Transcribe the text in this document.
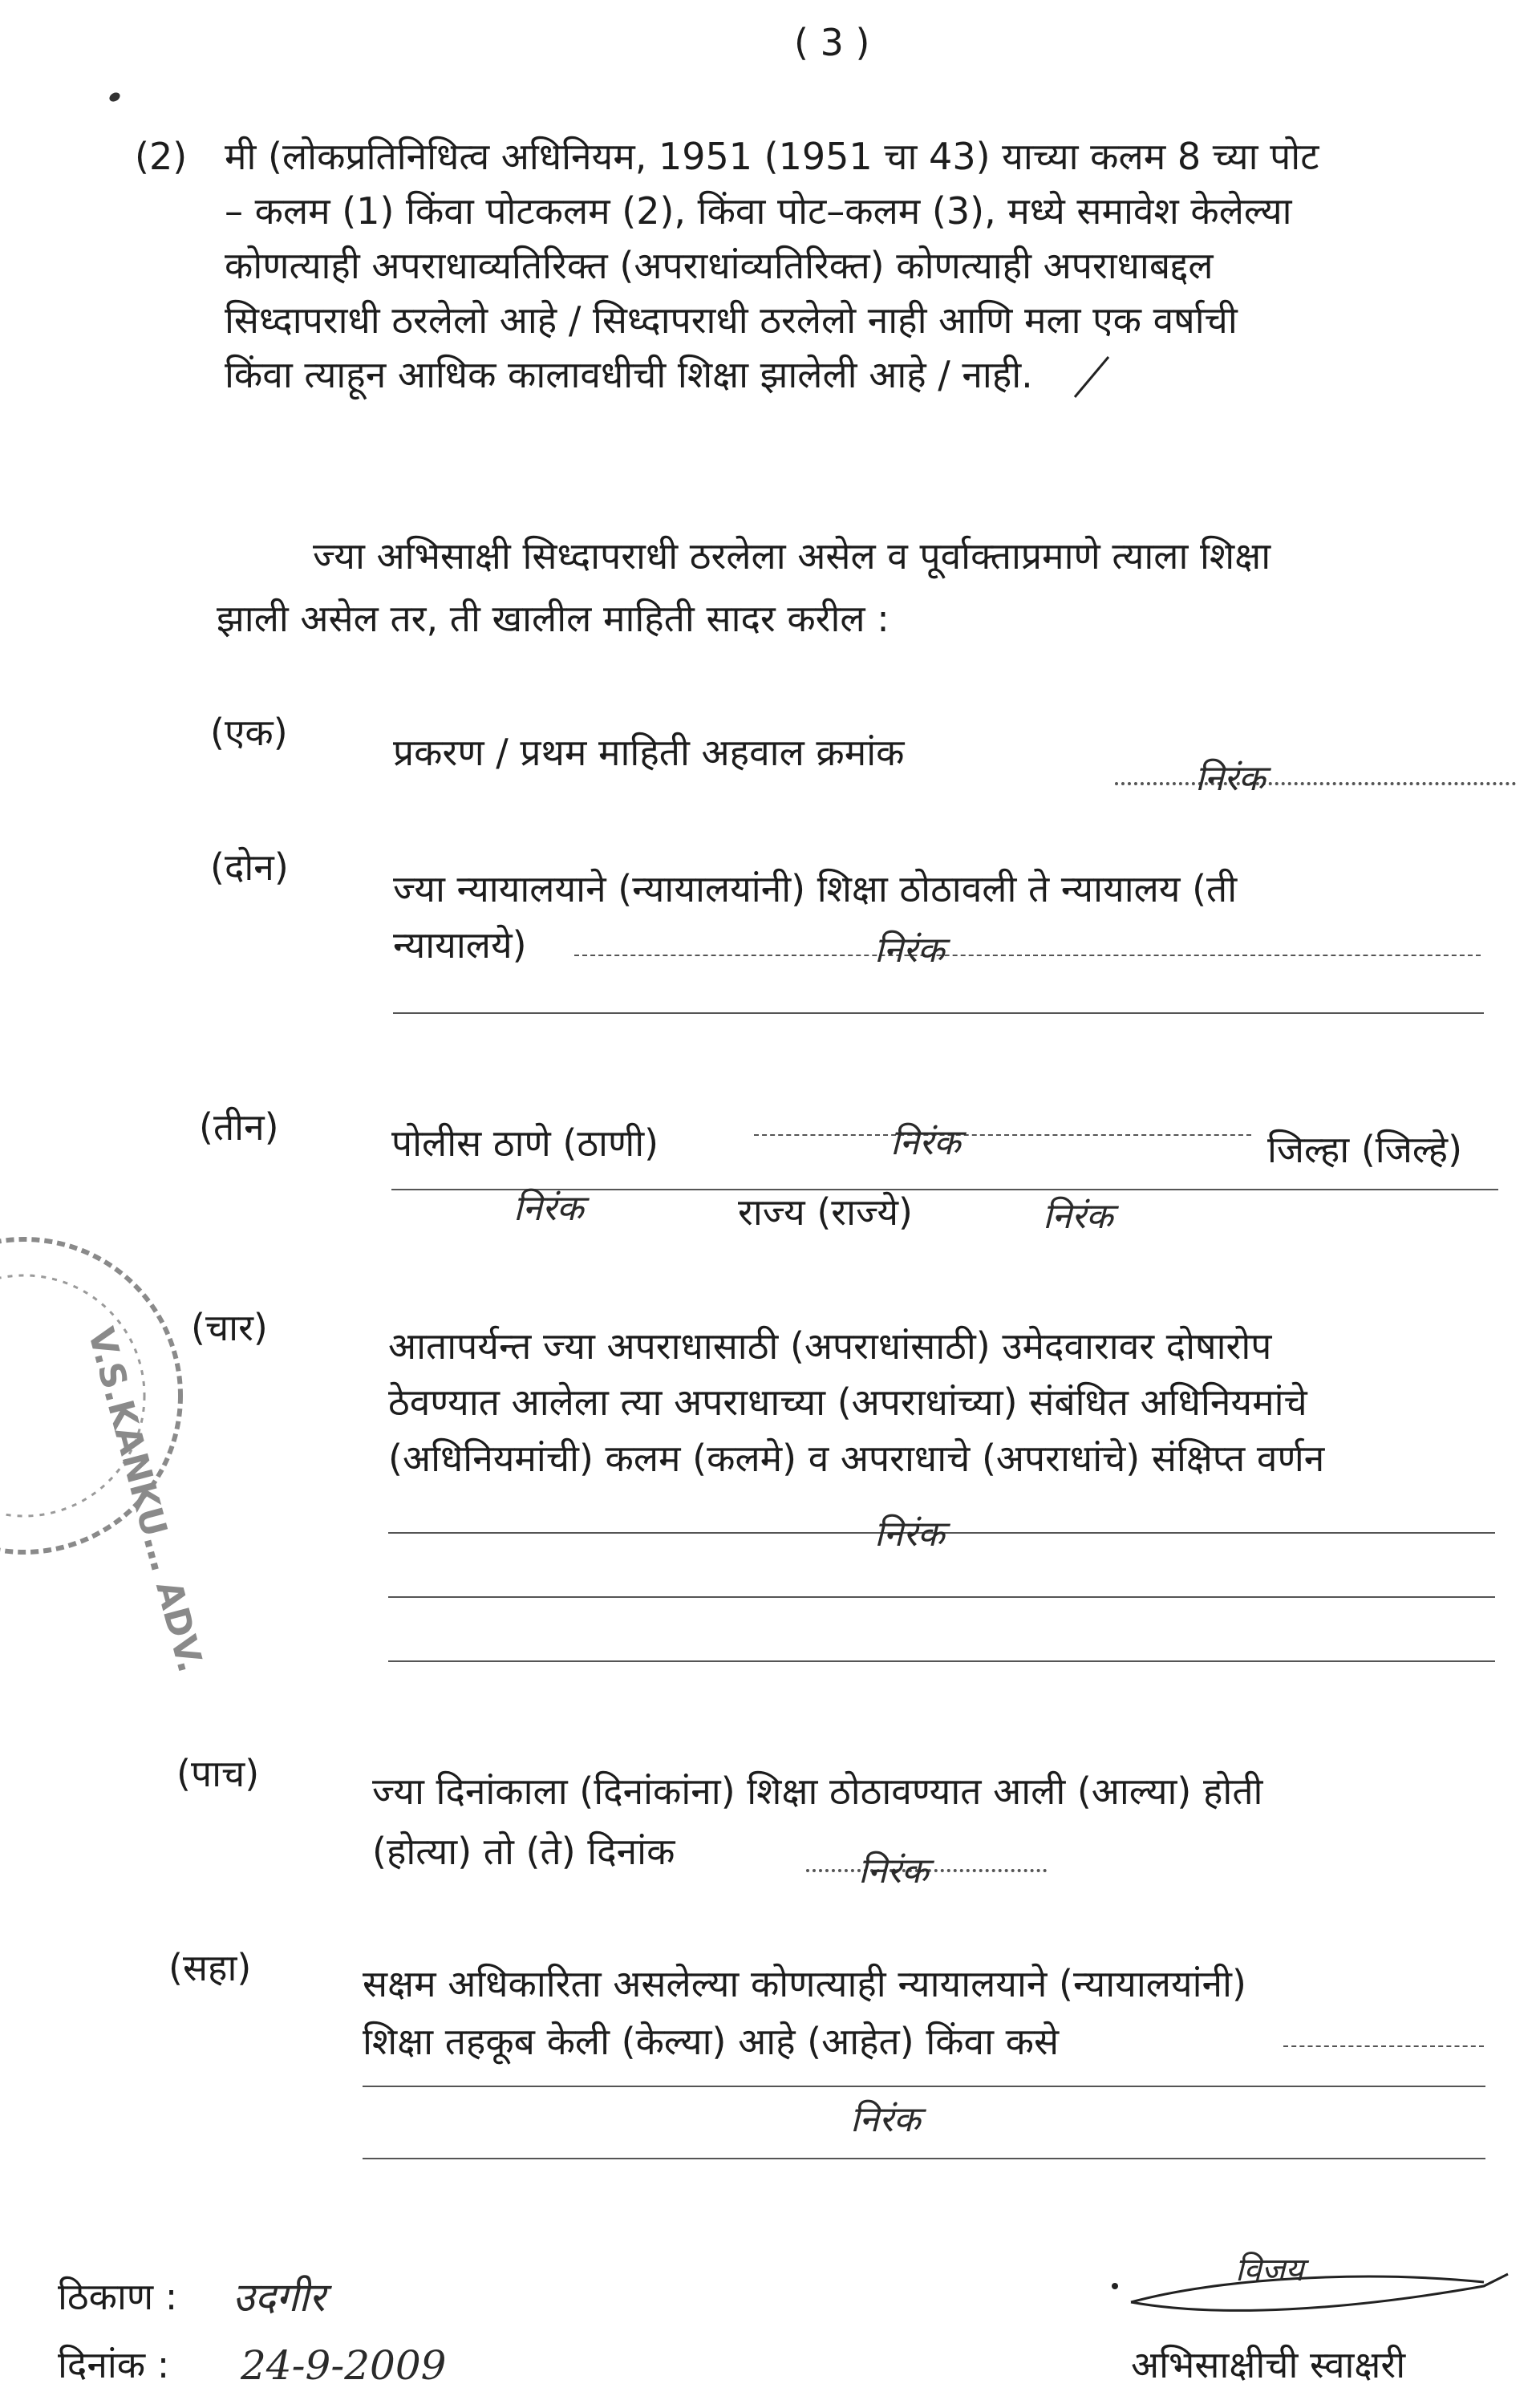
( 3 )
(2) मी (लोकप्रतिनिधित्व अधिनियम, 1951 (1951 चा 43) याच्या कलम 8 च्या पोट
– कलम (1) किंवा पोटकलम (2), किंवा पोट–कलम (3), मध्ये समावेश केलेल्या
कोणत्याही अपराधाव्यतिरिक्त (अपराधांव्यतिरिक्त) कोणत्याही अपराधाबद्दल
सिध्दापराधी ठरलेलो आहे / सिध्दापराधी ठरलेलो नाही आणि मला एक वर्षाची
किंवा त्याहून आधिक कालावधीची शिक्षा झालेली आहे / नाही.
ज्या अभिसाक्षी सिध्दापराधी ठरलेला असेल व पूर्वाक्ताप्रमाणे त्याला शिक्षा
झाली असेल तर, ती खालील माहिती सादर करील :
(एक)	प्रकरण / प्रथम माहिती अहवाल क्रमांक
निरंक
(दोन)	ज्या न्यायालयाने (न्यायालयांनी) शिक्षा ठोठावली ते न्यायालय (ती
न्यायालये)	निरंक
(तीन)	पोलीस ठाणे (ठाणी)	निरंक	जिल्हा (जिल्हे)
निरंक	राज्य (राज्ये)	निरंक
(चार)	आतापर्यन्त ज्या अपराधासाठी (अपराधांसाठी) उमेदवारावर दोषारोप
ठेवण्यात आलेला त्या अपराधाच्या (अपराधांच्या) संबंधित अधिनियमांचे
(अधिनियमांची) कलम (कलमे) व अपराधाचे (अपराधांचे) संक्षिप्त वर्णन
निरंक
(पाच)	ज्या दिनांकाला (दिनांकांना) शिक्षा ठोठावण्यात आली (आल्या) होती
(होत्या) तो (ते) दिनांक	निरंक
(सहा)	सक्षम अधिकारिता असलेल्या कोणत्याही न्यायालयाने (न्यायालयांनी)
शिक्षा तहकूब केली (केल्या) आहे (आहेत) किंवा कसे
निरंक
ठिकाण : उदगीर
दिनांक : 24-9-2009
विजय
अभिसाक्षीची स्वाक्षरी
V.S.KANKU… ADV.
